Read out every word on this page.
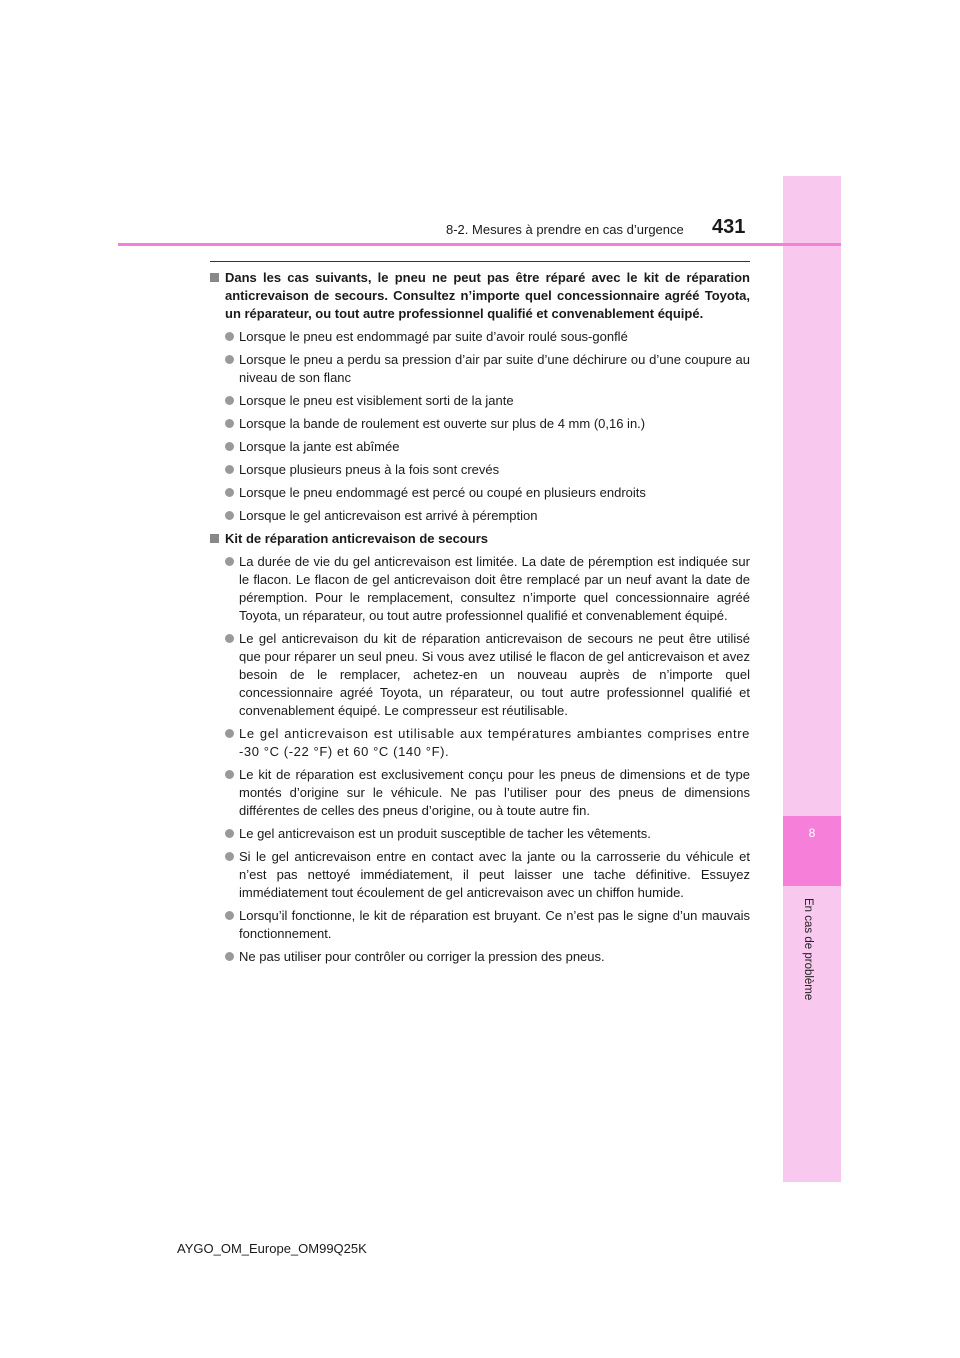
8
En cas de problème
8-2. Mesures à prendre en cas d’urgence 431
Dans les cas suivants, le pneu ne peut pas être réparé avec le kit de réparation anticrevaison de secours. Consultez n’importe quel concessionnaire agréé Toyota, un réparateur, ou tout autre professionnel qualifié et convenablement équipé.
Lorsque le pneu est endommagé par suite d’avoir roulé sous-gonflé
Lorsque le pneu a perdu sa pression d’air par suite d’une déchirure ou d’une coupure au niveau de son flanc
Lorsque le pneu est visiblement sorti de la jante
Lorsque la bande de roulement est ouverte sur plus de 4 mm (0,16 in.)
Lorsque la jante est abîmée
Lorsque plusieurs pneus à la fois sont crevés
Lorsque le pneu endommagé est percé ou coupé en plusieurs endroits
Lorsque le gel anticrevaison est arrivé à péremption
Kit de réparation anticrevaison de secours
La durée de vie du gel anticrevaison est limitée. La date de péremption est indiquée sur le flacon. Le flacon de gel anticrevaison doit être remplacé par un neuf avant la date de péremption. Pour le remplacement, consultez n’importe quel concessionnaire agréé Toyota, un réparateur, ou tout autre professionnel qualifié et convenablement équipé.
Le gel anticrevaison du kit de réparation anticrevaison de secours ne peut être utilisé que pour réparer un seul pneu. Si vous avez utilisé le flacon de gel anticrevaison et avez besoin de le remplacer, achetez-en un nouveau auprès de n’importe quel concessionnaire agréé Toyota, un réparateur, ou tout autre professionnel qualifié et convenablement équipé. Le compresseur est réutilisable.
Le gel anticrevaison est utilisable aux températures ambiantes comprises entre -30 °C (-22 °F) et 60 °C (140 °F).
Le kit de réparation est exclusivement conçu pour les pneus de dimensions et de type montés d’origine sur le véhicule. Ne pas l’utiliser pour des pneus de dimensions différentes de celles des pneus d’origine, ou à toute autre fin.
Le gel anticrevaison est un produit susceptible de tacher les vêtements.
Si le gel anticrevaison entre en contact avec la jante ou la carrosserie du véhicule et n’est pas nettoyé immédiatement, il peut laisser une tache définitive. Essuyez immédiatement tout écoulement de gel anticrevaison avec un chiffon humide.
Lorsqu’il fonctionne, le kit de réparation est bruyant. Ce n’est pas le signe d’un mauvais fonctionnement.
Ne pas utiliser pour contrôler ou corriger la pression des pneus.
AYGO_OM_Europe_OM99Q25K
